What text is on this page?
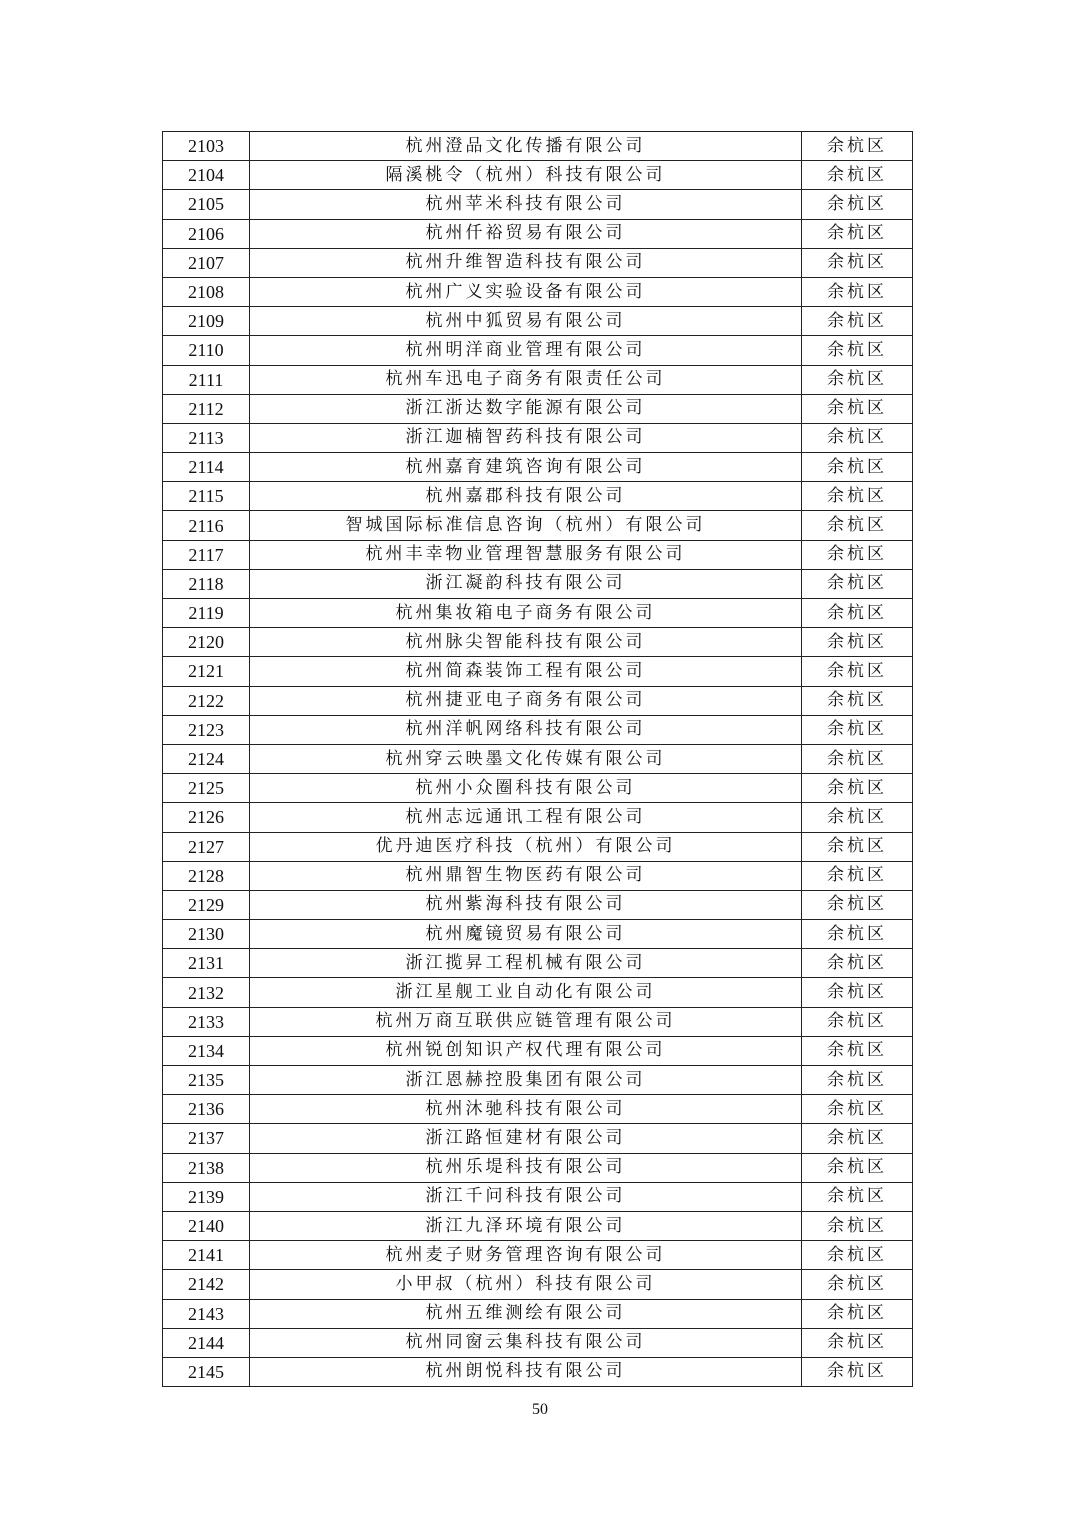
2103	杭州澄品文化传播有限公司	余杭区
2104	隔溪桃令（杭州）科技有限公司	余杭区
2105	杭州苹米科技有限公司	余杭区
2106	杭州仟裕贸易有限公司	余杭区
2107	杭州升维智造科技有限公司	余杭区
2108	杭州广义实验设备有限公司	余杭区
2109	杭州中狐贸易有限公司	余杭区
2110	杭州明洋商业管理有限公司	余杭区
2111	杭州车迅电子商务有限责任公司	余杭区
2112	浙江浙达数字能源有限公司	余杭区
2113	浙江迦楠智药科技有限公司	余杭区
2114	杭州嘉育建筑咨询有限公司	余杭区
2115	杭州嘉郡科技有限公司	余杭区
2116	智城国际标准信息咨询（杭州）有限公司	余杭区
2117	杭州丰幸物业管理智慧服务有限公司	余杭区
2118	浙江凝韵科技有限公司	余杭区
2119	杭州集妆箱电子商务有限公司	余杭区
2120	杭州脉尖智能科技有限公司	余杭区
2121	杭州简森装饰工程有限公司	余杭区
2122	杭州捷亚电子商务有限公司	余杭区
2123	杭州洋帆网络科技有限公司	余杭区
2124	杭州穿云映墨文化传媒有限公司	余杭区
2125	杭州小众圈科技有限公司	余杭区
2126	杭州志远通讯工程有限公司	余杭区
2127	优丹迪医疗科技（杭州）有限公司	余杭区
2128	杭州鼎智生物医药有限公司	余杭区
2129	杭州紫海科技有限公司	余杭区
2130	杭州魔镜贸易有限公司	余杭区
2131	浙江揽昇工程机械有限公司	余杭区
2132	浙江星舰工业自动化有限公司	余杭区
2133	杭州万商互联供应链管理有限公司	余杭区
2134	杭州锐创知识产权代理有限公司	余杭区
2135	浙江恩赫控股集团有限公司	余杭区
2136	杭州沐驰科技有限公司	余杭区
2137	浙江路恒建材有限公司	余杭区
2138	杭州乐堤科技有限公司	余杭区
2139	浙江千问科技有限公司	余杭区
2140	浙江九泽环境有限公司	余杭区
2141	杭州麦子财务管理咨询有限公司	余杭区
2142	小甲叔（杭州）科技有限公司	余杭区
2143	杭州五维测绘有限公司	余杭区
2144	杭州同窗云集科技有限公司	余杭区
2145	杭州朗悦科技有限公司	余杭区
50
